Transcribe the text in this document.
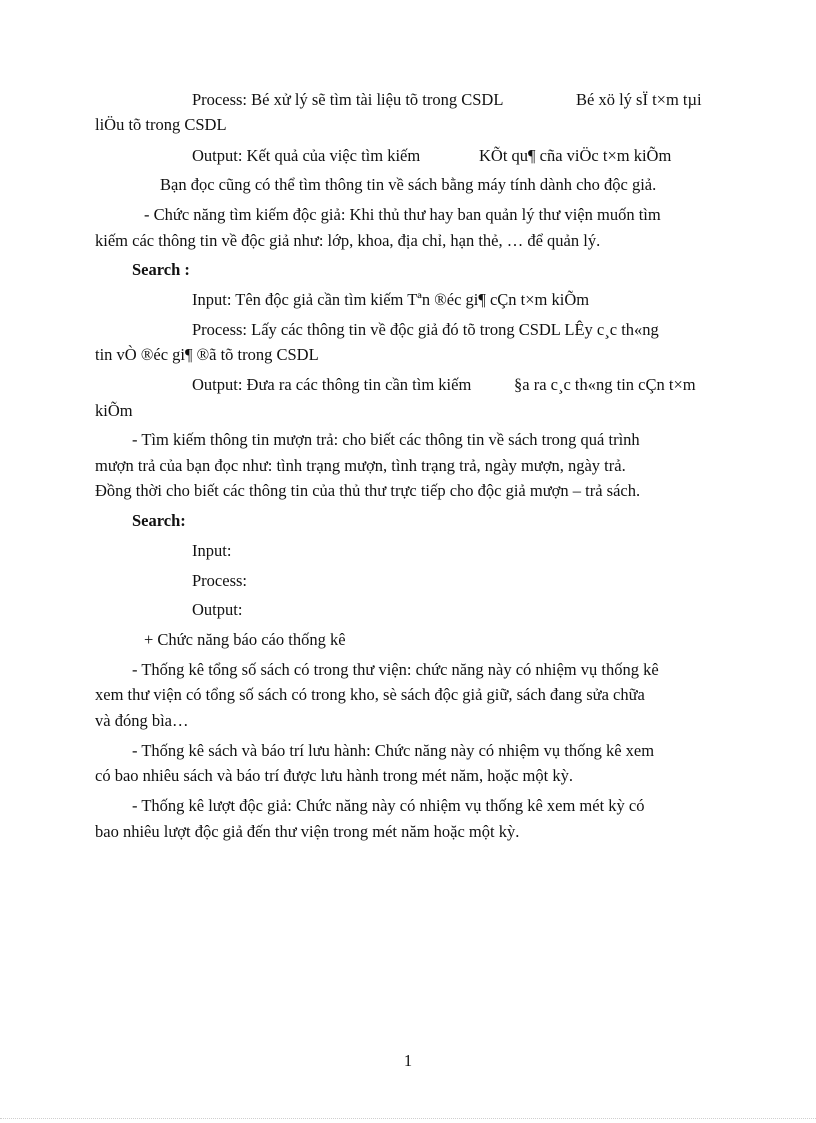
Process: Bé xử lý sẽ tìm tài liệu tõ trong CSDL	Bé xö lý sÏ t×m tµi
liÖu tõ trong CSDL
Output: Kết quả của việc tìm kiếm	KÕt qu¶ cña viÖc t×m kiÕm
Bạn đọc cũng có thể tìm thông tin về sách bằng máy tính dành cho độc giả.
- Chức năng tìm kiếm độc giả: Khi thủ thư hay ban quản lý thư viện muốn tìm
kiếm các thông tin về độc giả như: lớp, khoa, địa chỉ, hạn thẻ, … để quản lý.
Search :
Input: Tên độc giả cần tìm kiếm Tªn ®éc gi¶ cÇn t×m kiÕm
Process: Lấy các thông tin về độc giả đó tõ trong CSDL LÊy c¸c th«ng
tin vÒ ®éc gi¶ ®ã tõ trong CSDL
Output: Đưa ra các thông tin cần tìm kiếm	§a ra c¸c th«ng tin cÇn t×m
kiÕm
- Tìm kiếm thông tin mượn trả: cho biết các thông tin về sách trong quá trình
mượn trả của bạn đọc như: tình trạng mượn, tình trạng trả, ngày mượn, ngày trả.
Đồng thời cho biết các thông tin của thủ thư trực tiếp cho độc giả mượn – trả sách.
Search:
Input:
Process:
Output:
+ Chức năng báo cáo thống kê
- Thống kê tổng số sách có trong thư viện: chức năng này có nhiệm vụ thống kê
xem thư viện có tổng số sách có trong kho, sè sách độc giả giữ, sách đang sửa chữa
và đóng bìa…
- Thống kê sách và báo trí lưu hành: Chức năng này có nhiệm vụ thống kê xem
có bao nhiêu sách và báo trí được lưu hành trong mét năm, hoặc một kỳ.
- Thống kê lượt độc giả: Chức năng này có nhiệm vụ thống kê xem mét kỳ có
bao nhiêu lượt độc giả đến thư viện trong mét năm hoặc một kỳ.
1
